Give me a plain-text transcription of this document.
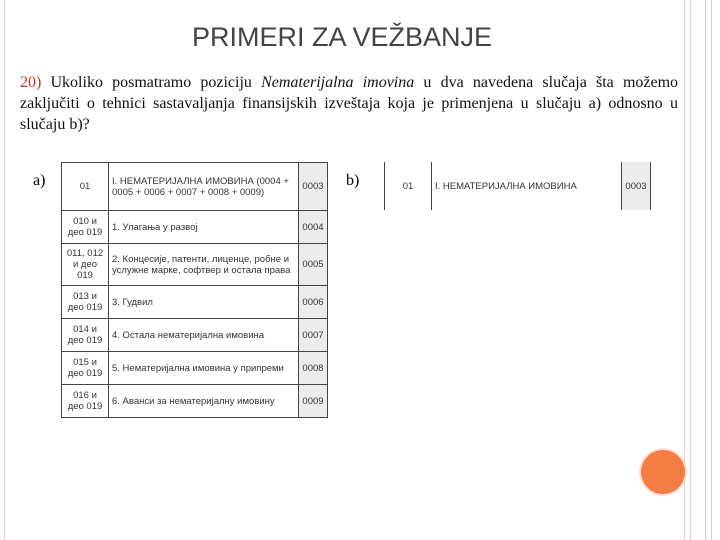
PRIMERI ZA VEŽBANJE
20) Ukoliko posmatramo poziciju Nematerijalna imovina u dva navedena slučaja šta možemo zaključiti o tehnici sastavaljanja finansijskih izveštaja koja je primenjena u slučaju a) odnosno u slučaju b)?
a)	b)
01	I. НЕМАТЕРИЈАЛНА ИМОВИНА (0004 + 0005 + 0006 + 0007 + 0008 + 0009)	0003
010 и део 019	1. Улагања у развој	0004
011, 012 и део 019	2. Концесије, патенти, лиценце, робне и услужне марке, софтвер и остала права	0005
013 и део 019	3. Гудвил	0006
014 и део 019	4. Остала нематеријална имовина	0007
015 и део 019	5. Нематеријална имовина у припреми	0008
016 и део 019	6. Аванси за нематеријалну имовину	0009
01	I. НЕМАТЕРИЈАЛНА ИМОВИНА	0003
